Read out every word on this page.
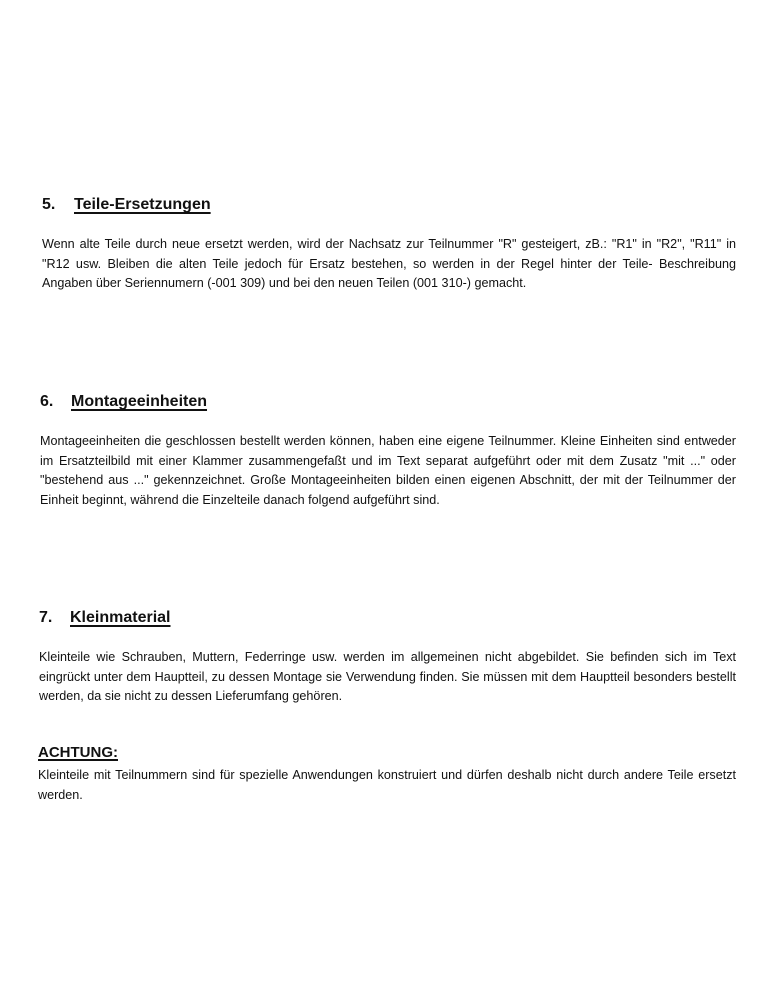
5. Teile-Ersetzungen

Wenn alte Teile durch neue ersetzt werden, wird der Nachsatz zur Teilnummer "R" gesteigert, zB.: "R1" in "R2", "R11" in "R12 usw. Bleiben die alten Teile jedoch für Ersatz bestehen, so werden in der Regel hinter der Teile- Beschreibung Angaben über Seriennumern (-001 309) und bei den neuen Teilen (001 310-) gemacht.

6. Montageeinheiten

Montageeinheiten die geschlossen bestellt werden können, haben eine eigene Teilnummer. Kleine Einheiten sind entweder im Ersatzteilbild mit einer Klammer zusammengefaßt und im Text separat aufgeführt oder mit dem Zusatz "mit ..." oder "bestehend aus ..." gekennzeichnet. Große Montageeinheiten bilden einen eigenen Abschnitt, der mit der Teilnummer der Einheit beginnt, während die Einzelteile danach folgend aufgeführt sind.

7. Kleinmaterial

Kleinteile wie Schrauben, Muttern, Federringe usw. werden im allgemeinen nicht abgebildet. Sie befinden sich im Text eingrückt unter dem Hauptteil, zu dessen Montage sie Verwendung finden. Sie müssen mit dem Hauptteil besonders bestellt werden, da sie nicht zu dessen Lieferumfang gehören.

ACHTUNG:

Kleinteile mit Teilnummern sind für spezielle Anwendungen konstruiert und dürfen deshalb nicht durch andere Teile ersetzt werden.
